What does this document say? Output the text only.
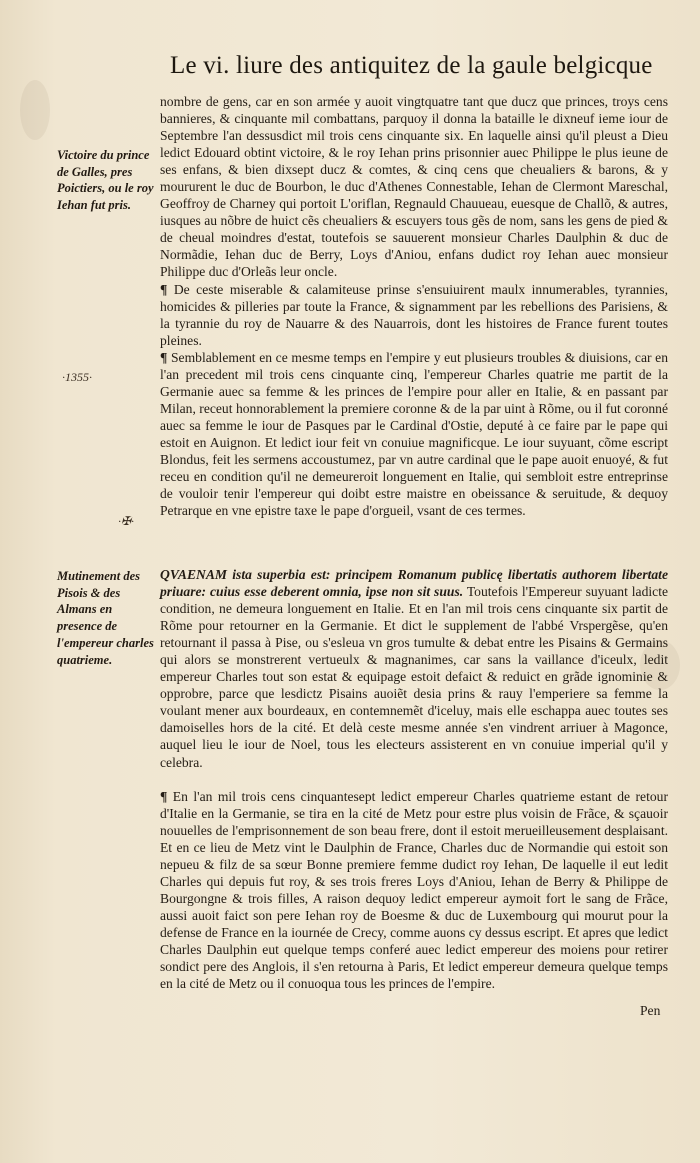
Le vi. liure des antiquitez de la gaule belgicque
Victoire du prince de Galles, pres Poictiers, ou le roy Iehan fut pris.
·1355·
·✠·
Mutinement des Pisois & des Almans en presence de l'empereur charles quatrieme.

nombre de gens, car en son armée y auoit vingtquatre tant que ducz que princes, troys cens bannieres, & cinquante mil combattans, parquoy il donna la bataille le dixneuf ieme iour de Septembre l'an dessusdict mil trois cens cinquante six. En laquelle ainsi qu'il pleust a Dieu ledict Edouard obtint victoire, & le roy Iehan prins prisonnier auec Philippe le plus ieune de ses enfans, & bien dixsept ducz & comtes, & cinq cens que cheualiers & barons, & y moururent le duc de Bourbon, le duc d'Athenes Connestable, Iehan de Clermont Mareschal, Geoffroy de Charney qui portoit L'oriflan, Regnauld Chauueau, euesque de Challõ, & autres, iusques au nõbre de huict cẽs cheualiers & escuyers tous gẽs de nom, sans les gens de pied & de cheual moindres d'estat, toutefois se sauuerent monsieur Charles Daulphin & duc de Normãdie, Iehan duc de Berry, Loys d'Aniou, enfans dudict roy Iehan auec monsieur Philippe duc d'Orleãs leur oncle.

¶ De ceste miserable & calamiteuse prinse s'ensuiuirent maulx innumerables, tyrannies, homicides & pilleries par toute la France, & signamment par les rebellions des Parisiens, & la tyrannie du roy de Nauarre & des Nauarrois, dont les histoires de France furent toutes pleines.

¶ Semblablement en ce mesme temps en l'empire y eut plusieurs troubles & diuisions, car en l'an precedent mil trois cens cinquante cinq, l'empereur Charles quatrie me partit de la Germanie auec sa femme & les princes de l'empire pour aller en Italie, & en passant par Milan, receut honnorablement la premiere coronne & de la par uint à Rõme, ou il fut coronné auec sa femme le iour de Pasques par le Cardinal d'Ostie, deputé à ce faire par le pape qui estoit en Auignon. Et ledict iour feit vn conuiue magnificque. Le iour suyuant, cõme escript Blondus, feit les sermens accoustumez, par vn autre cardinal que le pape auoit enuoyé, & fut receu en condition qu'il ne demeureroit longuement en Italie, qui sembloit estre entreprinse de vouloir tenir l'empereur qui doibt estre maistre en obeissance & seruitude, & dequoy Petrarque en vne epistre taxe le pape d'orgueil, vsant de ces termes.

QVAENAM ista superbia est: principem Romanum publicę libertatis authorem libertate priuare: cuius esse deberent omnia, ipse non sit suus. Toutefois l'Empereur suyuant ladicte condition, ne demeura longuement en Italie. Et en l'an mil trois cens cinquante six partit de Rõme pour retourner en la Germanie. Et dict le supplement de l'abbé Vrspergẽse, qu'en retournant il passa à Pise, ou s'esleua vn gros tumulte & debat entre les Pisains & Germains qui alors se monstrerent vertueulx & magnanimes, car sans la vaillance d'iceulx, ledit empereur Charles tout son estat & equipage estoit defaict & reduict en grãde ignominie & opprobre, parce que lesdictz Pisains auoiẽt desia prins & rauy l'emperiere sa femme la voulant mener aux bourdeaux, en contemnemẽt d'iceluy, mais elle eschappa auec toutes ses damoiselles hors de la cité. Et delà ceste mesme année s'en vindrent arriuer à Magonce, auquel lieu le iour de Noel, tous les electeurs assisterent en vn conuiue imperial qu'il y celebra.

¶ En l'an mil trois cens cinquantesept ledict empereur Charles quatrieme estant de retour d'Italie en la Germanie, se tira en la cité de Metz pour estre plus voisin de Frãce, & sçauoir nouuelles de l'emprisonnement de son beau frere, dont il estoit merueilleusement desplaisant. Et en ce lieu de Metz vint le Daulphin de France, Charles duc de Normandie qui estoit son nepueu & filz de sa sœur Bonne premiere femme dudict roy Iehan, De laquelle il eut ledit Charles qui depuis fut roy, & ses trois freres Loys d'Aniou, Iehan de Berry & Philippe de Bourgongne & trois filles, A raison dequoy ledict empereur aymoit fort le sang de Frãce, aussi auoit faict son pere Iehan roy de Boesme & duc de Luxembourg qui mourut pour la defense de France en la iournée de Crecy, comme auons cy dessus escript. Et apres que ledict Charles Daulphin eut quelque temps conferé auec ledict empereur des moiens pour retirer sondict pere des Anglois, il s'en retourna à Paris, Et ledict empereur demeura quelque temps en la cité de Metz ou il conuoqua tous les princes de l'empire.

Pen
